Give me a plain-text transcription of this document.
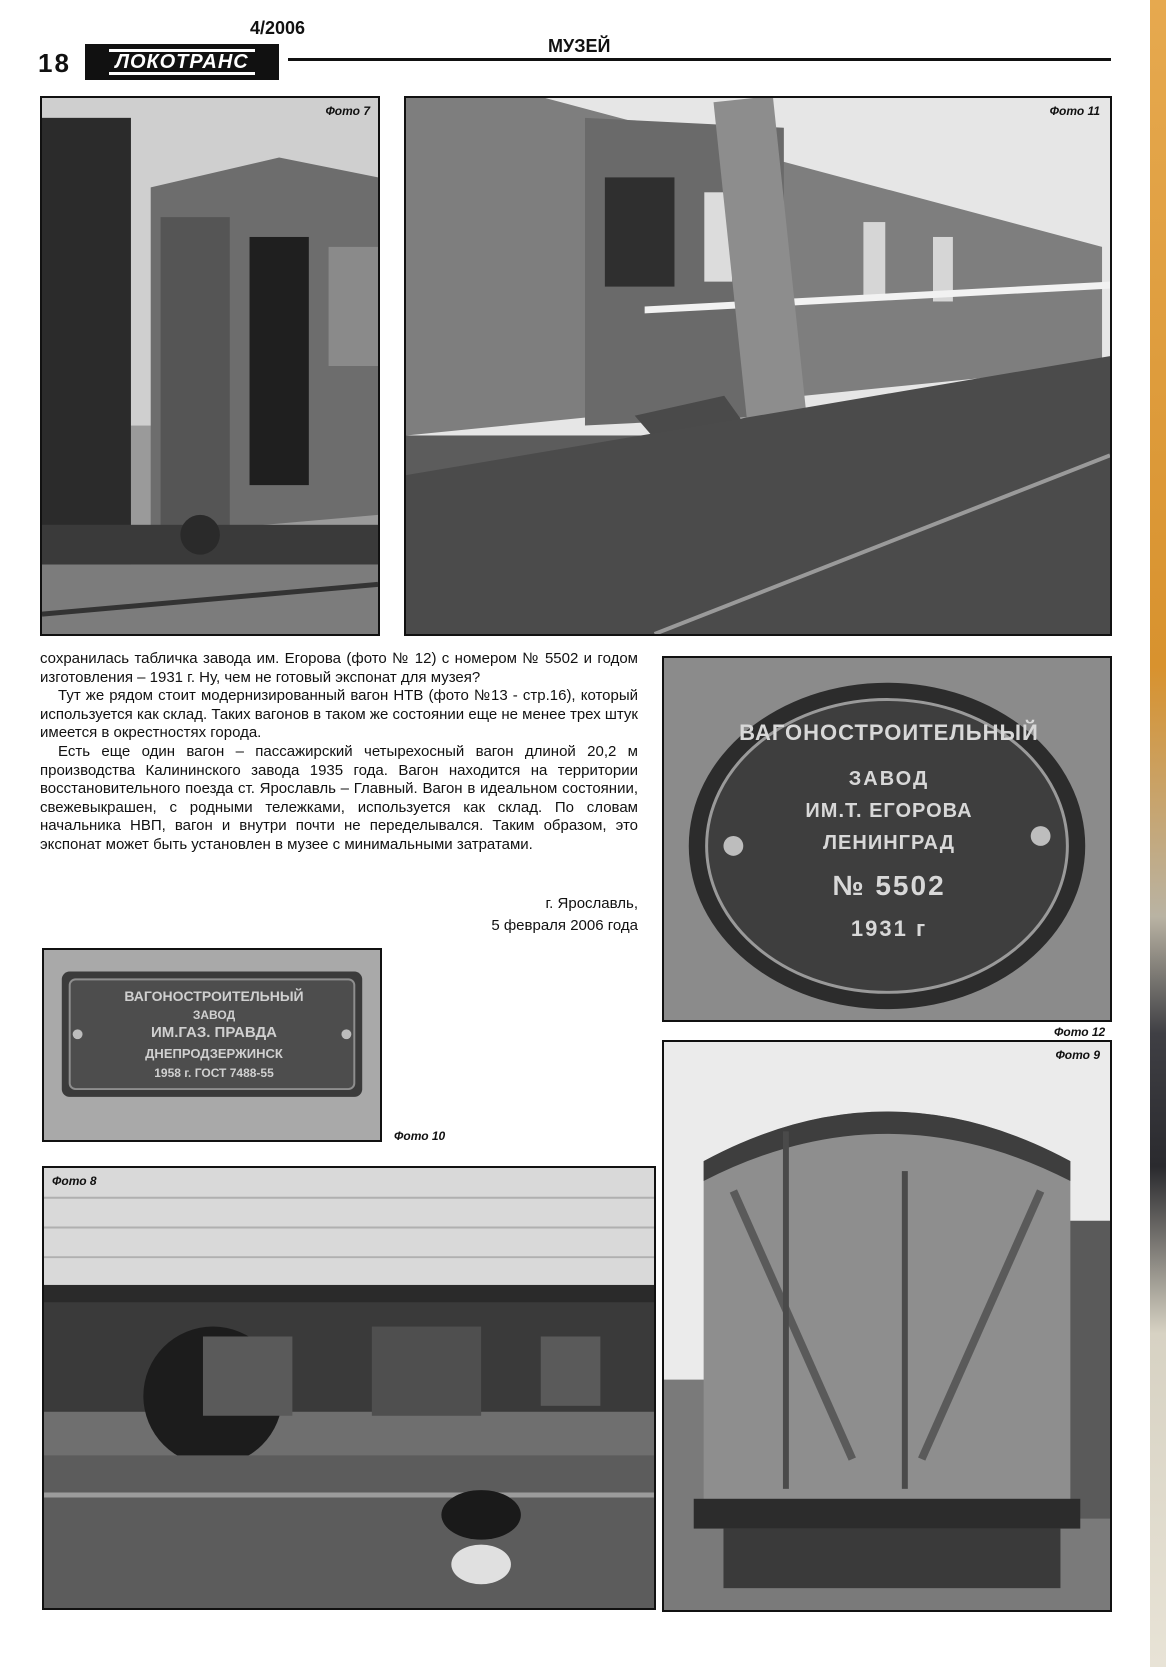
4/2006
18	ЛОКОТРАНС
МУЗЕЙ
Фото 7	Фото 11

сохранилась табличка завода им. Егорова (фото № 12) с номером № 5502 и годом изготовления – 1931 г. Ну, чем не готовый экспонат для музея?

Тут же рядом стоит модернизированный вагон НТВ (фото №13 - стр.16), который используется как склад. Таких вагонов в таком же состоянии еще не менее трех штук имеется в окрестностях города.

Есть еще один вагон – пассажирский четырехосный вагон длиной 20,2 м производства Калининского завода 1935 года. Вагон находится на территории восстановительного поезда ст. Ярославль – Главный. Вагон в идеальном состоянии, свежевыкрашен, с родными тележками, используется как склад. По словам начальника НВП, вагон и внутри почти не переделывался. Таким образом, это экспонат может быть установлен в музее с минимальными затратами.

г. Ярославль,
5 февраля 2006 года
ВАГОНОСТРОИТЕЛЬНЫЙ
ЗАВОД
ИМ.Т. ЕГОРОВА
ЛЕНИНГРАД
№ 5502
1931 г
Фото 12
ВАГОНОСТРОИТЕЛЬНЫЙ
ЗАВОД
ИМ.ГАЗ. ПРАВДА
ДНЕПРОДЗЕРЖИНСК
1958 г. ГОСТ 7488-55
Фото 10
Фото 8
Фото 9
